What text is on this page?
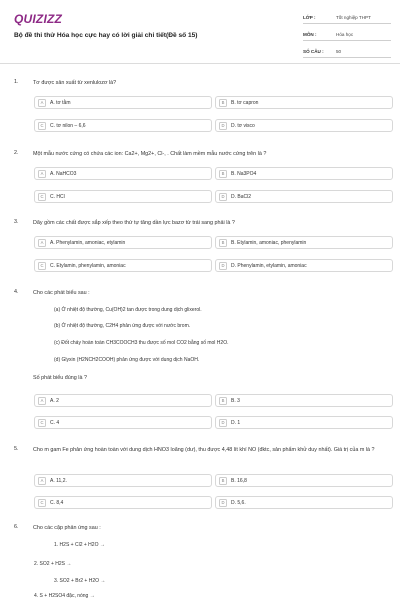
QUIZIZZ
Bộ đề thi thử Hóa học cực hay có lời giải chi tiết(Đề số 15)
LỚP :	Tốt nghiệp THPT
MÔN :	Hóa học
SỐ CÂU :	50
1.	Tơ được sản xuất từ xenlulozơ là?
A	A. tơ tằm	B	B. tơ capron
C	C. tơ nilon – 6,6	D	D. tơ visco
2.	Một mẫu nước cứng có chứa các ion: Ca2+, Mg2+, Cl-, . Chất làm mềm mẫu nước cứng trên là ?
A	A. NaHCO3	B	B. Na3PO4
C	C. HCl	D	D. BaCl2
3.	Dãy gồm các chất được sắp xếp theo thứ tự tăng dần lực bazơ từ trái sang phải là ?
A	A. Phenylamin, amoniac, etylamin	B	B. Etylamin, amoniac, phenylamin
C	C. Etylamin, phenylamin, amoniac	D	D. Phenylamin, etylamin, amoniac
4.	Cho các phát biểu sau :
(a) Ở nhiệt độ thường, Cu(OH)2 tan được trong dung dịch glixerol.
(b) Ở nhiệt độ thường, C2H4 phản ứng được với nước brom.
(c) Đốt cháy hoàn toàn CH3COOCH3 thu được số mol CO2 bằng số mol H2O.
(d) Glyxin (H2NCH2COOH) phản ứng được với dung dịch NaOH.
Số phát biểu đúng là ?
A	A. 2	B	B. 3
C	C. 4	D	D. 1
5.	Cho m gam Fe phản ứng hoàn toàn với dung dịch HNO3 loãng (dư), thu được 4,48 lít khí NO (đktc, sản phẩm khử duy nhất). Giá trị của m là ?
A	A. 11,2.	B	B. 16,8
C	C. 8,4	D	D. 5,6.
6.	Cho các cặp phản ứng sau :
1. H2S + Cl2 + H2O →
2. SO2 + H2S →
3. SO2 + Br2 + H2O →
4. S + H2SO4 đặc, nóng →
